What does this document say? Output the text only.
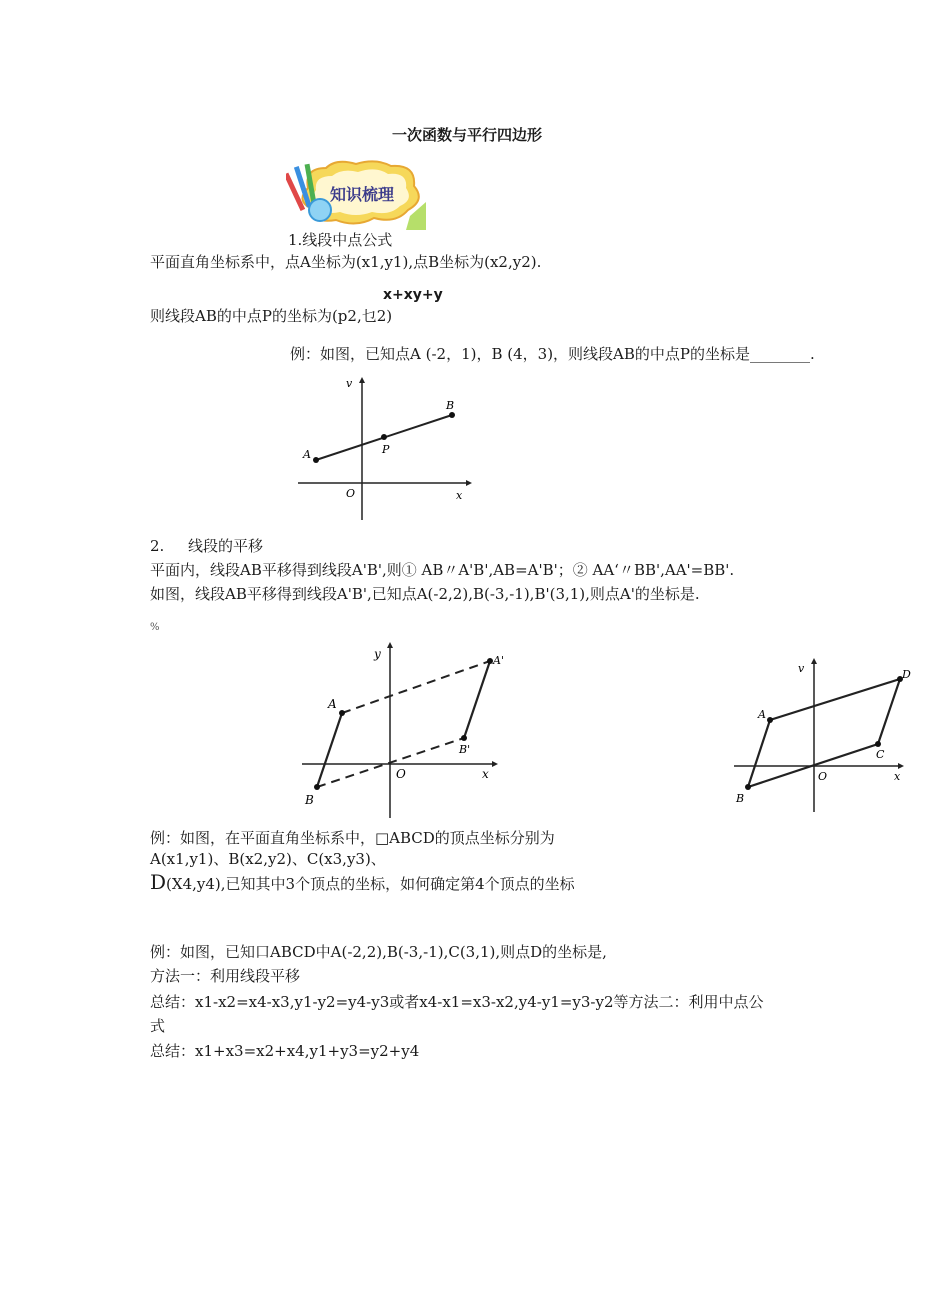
一次函数与平行四边形
知识梳理
1.线段中点公式
平面直角坐标系中，点A坐标为(x1,y1),点B坐标为(x2,y2).
x+xy+y
则线段AB的中点P的坐标为(p2,乜2)
例：如图，已知点A (-2，1)，B (4，3)，则线段AB的中点P的坐标是________.
v
x
O
A
B
P
2. 线段的平移
平面内，线段AB平移得到线段A'B',则① AB〃A'B',AB=A'B'；② AA‘〃BB',AA'=BB'.
如图，线段AB平移得到线段A'B',已知点A(-2,2),B(-3,-1),B'(3,1),则点A'的坐标是.
%
y
x
O
A
B
A'
B'
v
x
O
A
B
C
D
例：如图，在平面直角坐标系中，□ABCD的顶点坐标分别为
A(x1,y1)、B(x2,y2)、C(x3,y3)、
D(X4,y4),已知其中3个顶点的坐标，如何确定第4个顶点的坐标
例：如图，已知口ABCD中A(-2,2),B(-3,-1),C(3,1),则点D的坐标是,
方法一：利用线段平移
总结：x1-x2=x4-x3,y1-y2=y4-y3或者x4-x1=x3-x2,y4-y1=y3-y2等方法二：利用中点公
式
总结：x1+x3=x2+x4,y1+y3=y2+y4
